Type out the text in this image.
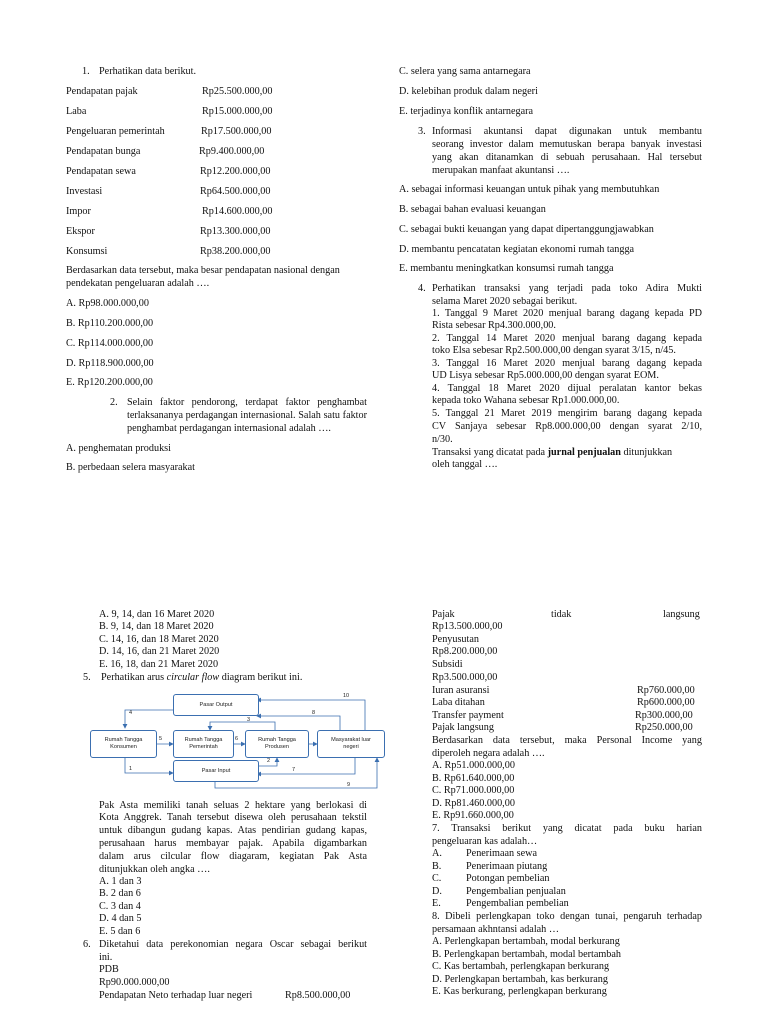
1. Perhatikan data berikut.
Pendapatan pajak	Rp25.500.000,00
Laba	Rp15.000.000,00
Pengeluaran pemerintah	Rp17.500.000,00
Pendapatan bunga	Rp9.400.000,00
Pendapatan sewa	Rp12.200.000,00
Investasi	Rp64.500.000,00
Impor	Rp14.600.000,00
Ekspor	Rp13.300.000,00
Konsumsi	Rp38.200.000,00
Berdasarkan data tersebut, maka besar pendapatan nasional dengan
pendekatan pengeluaran adalah ….
A. Rp98.000.000,00
B. Rp110.200.000,00
C. Rp114.000.000,00
D. Rp118.900.000,00
E. Rp120.200.000,00
2. Selain faktor pendorong, terdapat faktor penghambat
terlaksananya perdagangan internasional. Salah satu faktor
penghambat perdagangan internasional adalah ….
A. penghematan produksi
B. perbedaan selera masyarakat
C. selera yang sama antarnegara
D. kelebihan produk dalam negeri
E. terjadinya konflik antarnegara
3. Informasi akuntansi dapat digunakan untuk membantu
seorang investor dalam memutuskan berapa banyak investasi
yang akan ditanamkan di sebuah perusahaan. Hal tersebut
merupakan manfaat akuntansi ….
A. sebagai informasi keuangan untuk pihak yang membutuhkan
B. sebagai bahan evaluasi keuangan
C. sebagai bukti keuangan yang dapat dipertanggungjawabkan
D. membantu pencatatan kegiatan ekonomi rumah tangga
E. membantu meningkatkan konsumsi rumah tangga
4. Perhatikan transaksi yang terjadi pada toko Adira Mukti
selama Maret 2020 sebagai berikut.
1. Tanggal 9 Maret 2020 menjual barang dagang kepada PD
Rista sebesar Rp4.300.000,00.
2. Tanggal 14 Maret 2020 menjual barang dagang kepada
toko Elsa sebesar Rp2.500.000,00 dengan syarat 3/15, n/45.
3. Tanggal 16 Maret 2020 menjual barang dagang kepada
UD Lisya sebesar Rp5.000.000,00 dengan syarat EOM.
4. Tanggal 18 Maret 2020 dijual peralatan kantor bekas
kepada toko Wahana sebesar Rp1.000.000,00.
5. Tanggal 21 Maret 2019 mengirim barang dagang kepada
CV Sanjaya sebesar Rp8.000.000,00 dengan syarat 2/10,
n/30.
Transaksi yang dicatat pada jurnal penjualan ditunjukkan
oleh tanggal ….
A. 9, 14, dan 16 Maret 2020
B. 9, 14, dan 18 Maret 2020
C. 14, 16, dan 18 Maret 2020
D. 14, 16, dan 21 Maret 2020
E. 16, 18, dan 21 Maret 2020
5. Perhatikan arus circular flow diagram berikut ini.
Pasar Output
Rumah Tangga
Konsumen
Rumah Tangga
Pemerintah
Rumah Tangga
Produsen
Masyarakat luar
negeri
Pasar Input
1
2
3
4
5	6
7
8
9
10
Pak Asta memiliki tanah seluas 2 hektare yang berlokasi di
Kota Anggrek. Tanah tersebut disewa oleh perusahaan tekstil
untuk dibangun gudang kapas. Atas pendirian gudang kapas,
perusahaan harus membayar pajak. Apabila digambarkan
dalam arus cilcular flow diagaram, kegiatan Pak Asta
ditunjukkan oleh angka ….
A. 1 dan 3
B. 2 dan 6
C. 3 dan 4
D. 4 dan 5
E. 5 dan 6
6. Diketahui data perekonomian negara Oscar sebagai berikut
ini.
PDB
Rp90.000.000,00
Pendapatan Neto terhadap luar negeri	Rp8.500.000,00
Pajak	tidak	langsung
Rp13.500.000,00
Penyusutan
Rp8.200.000,00
Subsidi
Rp3.500.000,00
Iuran asuransi	Rp760.000,00
Laba ditahan	Rp600.000,00
Transfer payment	Rp300.000,00
Pajak langsung	Rp250.000,00
Berdasarkan data tersebut, maka Personal Income yang
diperoleh negara adalah ….
A. Rp51.000.000,00
B. Rp61.640.000,00
C. Rp71.000.000,00
D. Rp81.460.000,00
E. Rp91.660.000,00
7. Transaksi berikut yang dicatat pada buku harian
pengeluaran kas adalah…
A. Penerimaan sewa
B. Penerimaan piutang
C. Potongan pembelian
D. Pengembalian penjualan
E. Pengembalian pembelian
8. Dibeli perlengkapan toko dengan tunai, pengaruh terhadap
persamaan akhntansi adalah …
A. Perlengkapan bertambah, modal berkurang
B. Perlengkapan bertambah, modal bertambah
C. Kas bertambah, perlengkapan berkurang
D. Perlengkapan bertambah, kas berkurang
E. Kas berkurang, perlengkapan berkurang
